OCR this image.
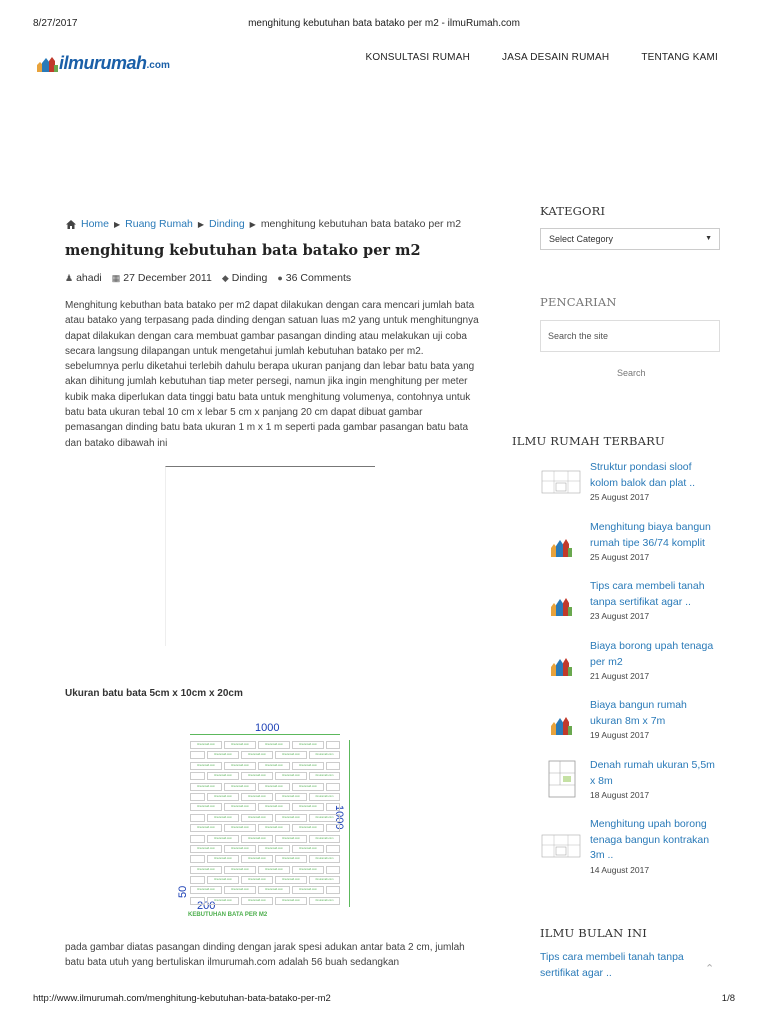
8/27/2017	menghitung kebutuhan bata batako per m2 - ilmuRumah.com
ilmurumah .com
KONSULTASI RUMAH	JASA DESAIN RUMAH	TENTANG KAMI
Home ▶ Ruang Rumah ▶ Dinding ▶ menghitung kebutuhan bata batako per m2
menghitung kebutuhan bata batako per m2
♟ ahadi ▦ 27 December 2011 ◆ Dinding ● 36 Comments

Menghitung kebuthan bata batako per m2 dapat dilakukan dengan cara mencari jumlah bata atau batako yang terpasang pada dinding dengan satuan luas m2 yang untuk menghitungnya dapat dilakukan dengan cara membuat gambar pasangan dinding atau melakukan uji coba secara langsung dilapangan untuk mengetahui jumlah kebutuhan batako per m2. sebelumnya perlu diketahui terlebih dahulu berapa ukuran panjang dan lebar batu bata yang akan dihitung jumlah kebutuhan tiap meter persegi, namun jika ingin menghitung per meter kubik maka diperlukan data tinggi batu bata untuk menghitung volumenya, contohnya untuk batu bata ukuran tebal 10 cm x lebar 5 cm x panjang 20 cm dapat dibuat gambar pemasangan dinding batu bata ukuran 1 m x 1 m seperti pada gambar pasangan batu bata dan batako dibawah ini

Ukuran batu bata 5cm x 10cm x 20cm
1000
1000
50
200
ilmurumah.com	ilmurumah.com	ilmurumah.com	ilmurumah.com
ilmurumah.com	ilmurumah.com	ilmurumah.com	ilmurumah.com
ilmurumah.com	ilmurumah.com	ilmurumah.com	ilmurumah.com
ilmurumah.com	ilmurumah.com	ilmurumah.com	ilmurumah.com
ilmurumah.com	ilmurumah.com	ilmurumah.com	ilmurumah.com
ilmurumah.com	ilmurumah.com	ilmurumah.com	ilmurumah.com
ilmurumah.com	ilmurumah.com	ilmurumah.com	ilmurumah.com
ilmurumah.com	ilmurumah.com	ilmurumah.com	ilmurumah.com
ilmurumah.com	ilmurumah.com	ilmurumah.com	ilmurumah.com
ilmurumah.com	ilmurumah.com	ilmurumah.com	ilmurumah.com
ilmurumah.com	ilmurumah.com	ilmurumah.com	ilmurumah.com
ilmurumah.com	ilmurumah.com	ilmurumah.com	ilmurumah.com
ilmurumah.com	ilmurumah.com	ilmurumah.com	ilmurumah.com
ilmurumah.com	ilmurumah.com	ilmurumah.com	ilmurumah.com
ilmurumah.com	ilmurumah.com	ilmurumah.com	ilmurumah.com
ilmurumah.com	ilmurumah.com	ilmurumah.com	ilmurumah.com
KEBUTUHAN BATA PER M2

pada gambar diatas pasangan dinding dengan jarak spesi adukan antar bata 2 cm, jumlah batu bata utuh yang bertuliskan ilmurumah.com adalah 56 buah sedangkan

KATEGORI
Select Category	▼
PENCARIAN
Search the site
Search
ILMU RUMAH TERBARU
Struktur pondasi sloof kolom balok dan plat ..
25 August 2017
Menghitung biaya bangun rumah tipe 36/74 komplit
25 August 2017
Tips cara membeli tanah tanpa sertifikat agar ..
23 August 2017
Biaya borong upah tenaga per m2
21 August 2017
Biaya bangun rumah ukuran 8m x 7m
19 August 2017
Denah rumah ukuran 5,5m x 8m
18 August 2017
Menghitung upah borong tenaga bangun kontrakan 3m ..
14 August 2017
ILMU BULAN INI
Tips cara membeli tanah tanpa sertifikat agar ..	⌃
http://www.ilmurumah.com/menghitung-kebutuhan-bata-batako-per-m2	1/8
